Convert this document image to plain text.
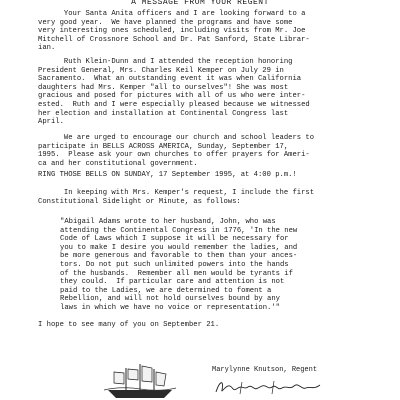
A MESSAGE FROM YOUR REGENT

Your Santa Anita officers and I are looking forward to a
very good year.  We have planned the programs and have some
very interesting ones scheduled, including visits from Mr. Joe
Mitchell of Crossnore School and Dr. Pat Sanford, State Librar-
ian.

Ruth Klein-Dunn and I attended the reception honoring
President General, Mrs. Charles Keil Kemper on July 29 in
Sacramento.  What an outstanding event it was when California
daughters had Mrs. Kemper "all to ourselves"! She was most
gracious and posed for pictures with all of us who were inter-
ested.  Ruth and I were especially pleased because we witnessed
her election and installation at Continental Congress last
April.

We are urged to encourage our church and school leaders to
participate in BELLS ACROSS AMERICA, Sunday, September 17,
1995.  Please ask your own churches to offer prayers for Ameri-
ca and her constitutional government.

RING THOSE BELLS ON SUNDAY, 17 September 1995, at 4:00 p.m.!

In keeping with Mrs. Kemper's request, I include the first
Constitutional Sidelight or Minute, as follows:

"Abigail Adams wrote to her husband, John, who was
attending the Continental Congress in 1776, 'In the new
Code of Laws which I suppose it will be necessary for
you to make I desire you would remember the ladies, and
be more generous and favorable to them than your ances-
tors. Do not put such unlimited powers into the hands
of the husbands.  Remember all men would be tyrants if
they could.  If particular care and attention is not
paid to the Ladies, we are determined to foment a
Rebellion, and will not hold ourselves bound by any
laws in which we have no voice or representation.'"

I hope to see many of you on September 21.

Marylynne Knutson, Regent
